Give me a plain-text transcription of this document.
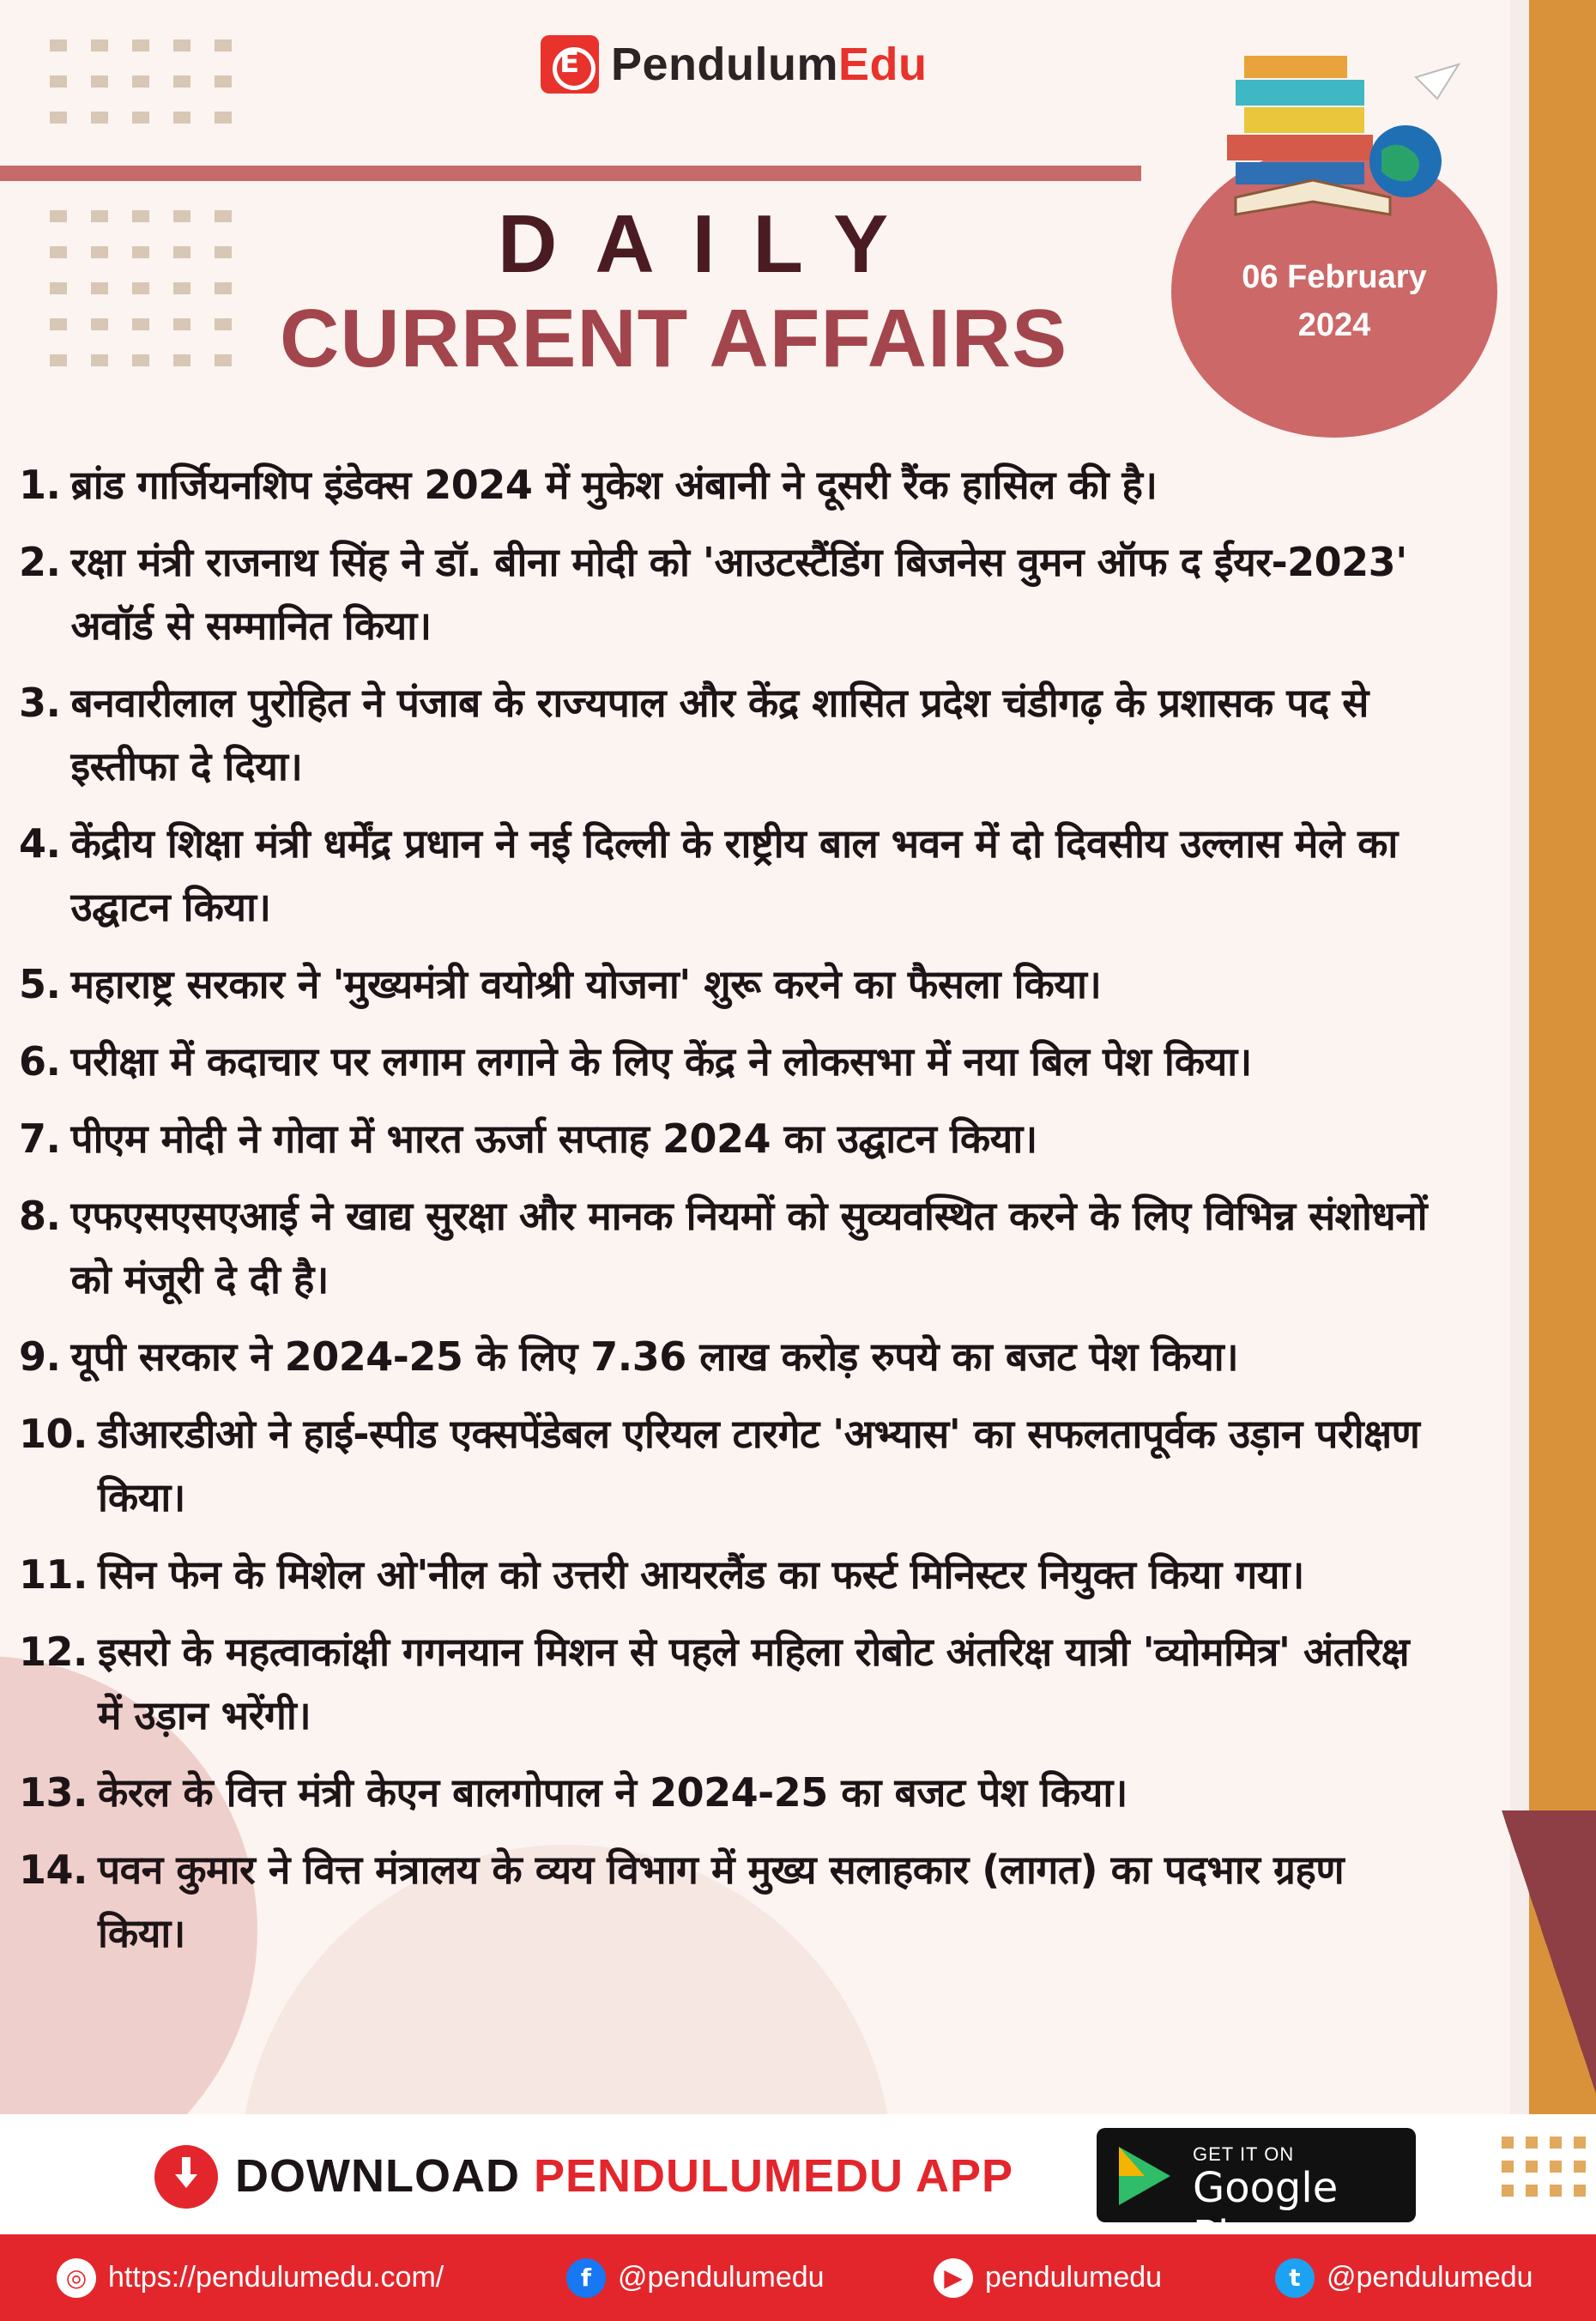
E
PendulumEdu
DAILY
CURRENT AFFAIRS
06 February
2024
1. ब्रांड गार्जियनशिप इंडेक्स 2024 में मुकेश अंबानी ने दूसरी रैंक हासिल की है।
2. रक्षा मंत्री राजनाथ सिंह ने डॉ. बीना मोदी को 'आउटस्टैंडिंग बिजनेस वुमन ऑफ द ईयर-2023' अवॉर्ड से सम्मानित किया।
3. बनवारीलाल पुरोहित ने पंजाब के राज्यपाल और केंद्र शासित प्रदेश चंडीगढ़ के प्रशासक पद से इस्तीफा दे दिया।
4. केंद्रीय शिक्षा मंत्री धर्मेंद्र प्रधान ने नई दिल्ली के राष्ट्रीय बाल भवन में दो दिवसीय उल्लास मेले का उद्घाटन किया।
5. महाराष्ट्र सरकार ने 'मुख्यमंत्री वयोश्री योजना' शुरू करने का फैसला किया।
6. परीक्षा में कदाचार पर लगाम लगाने के लिए केंद्र ने लोकसभा में नया बिल पेश किया।
7. पीएम मोदी ने गोवा में भारत ऊर्जा सप्ताह 2024 का उद्घाटन किया।
8. एफएसएसएआई ने खाद्य सुरक्षा और मानक नियमों को सुव्यवस्थित करने के लिए विभिन्न संशोधनों को मंजूरी दे दी है।
9. यूपी सरकार ने 2024-25 के लिए 7.36 लाख करोड़ रुपये का बजट पेश किया।
10. डीआरडीओ ने हाई-स्पीड एक्सपेंडेबल एरियल टारगेट 'अभ्यास' का सफलतापूर्वक उड़ान परीक्षण किया।
11. सिन फेन के मिशेल ओ'नील को उत्तरी आयरलैंड का फर्स्ट मिनिस्टर नियुक्त किया गया।
12. इसरो के महत्वाकांक्षी गगनयान मिशन से पहले महिला रोबोट अंतरिक्ष यात्री 'व्योममित्र' अंतरिक्ष में उड़ान भरेंगी।
13. केरल के वित्त मंत्री केएन बालगोपाल ने 2024-25 का बजट पेश किया।
14. पवन कुमार ने वित्त मंत्रालय के व्यय विभाग में मुख्य सलाहकार (लागत) का पदभार ग्रहण किया।
DOWNLOAD PENDULUMEDU APP	GET IT ON
Google
◎ https://pendulumedu.com/	f @pendulumedu	▶ pendulumedu	t @pendulumedu
